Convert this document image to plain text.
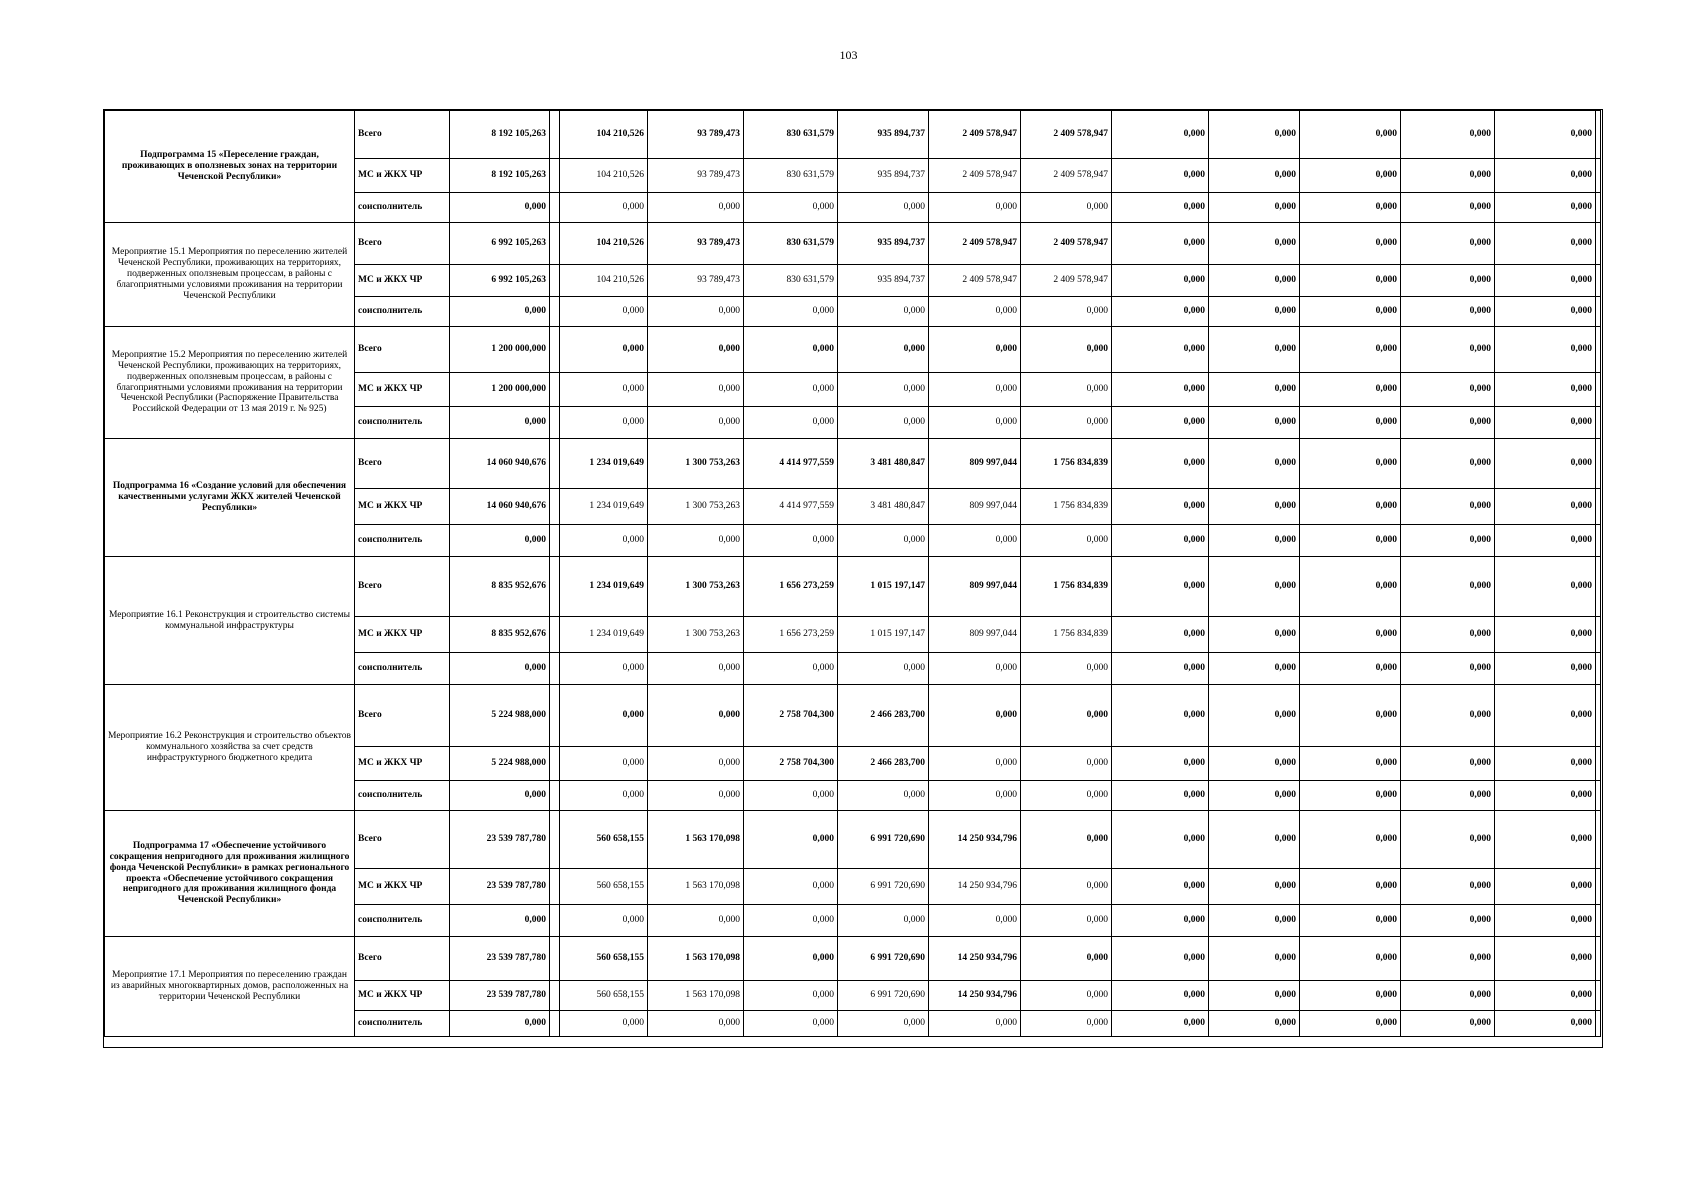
103
Подпрограмма 15 «Переселение граждан, проживающих в оползневых зонах на территории Чеченской Республики»	Всего	8 192 105,263		104 210,526	93 789,473	830 631,579	935 894,737	2 409 578,947	2 409 578,947	0,000	0,000	0,000	0,000	0,000	
	МС и ЖКХ ЧР	8 192 105,263		104 210,526	93 789,473	830 631,579	935 894,737	2 409 578,947	2 409 578,947	0,000	0,000	0,000	0,000	0,000	
	соисполнитель	0,000		0,000	0,000	0,000	0,000	0,000	0,000	0,000	0,000	0,000	0,000	0,000	
Мероприятие 15.1 Мероприятия по переселению жителей Чеченской Республики, проживающих на территориях, подверженных оползневым процессам, в районы с благоприятными условиями проживания на территории Чеченской Республики	Всего	6 992 105,263		104 210,526	93 789,473	830 631,579	935 894,737	2 409 578,947	2 409 578,947	0,000	0,000	0,000	0,000	0,000	
	МС и ЖКХ ЧР	6 992 105,263		104 210,526	93 789,473	830 631,579	935 894,737	2 409 578,947	2 409 578,947	0,000	0,000	0,000	0,000	0,000	
	соисполнитель	0,000		0,000	0,000	0,000	0,000	0,000	0,000	0,000	0,000	0,000	0,000	0,000	
Мероприятие 15.2 Мероприятия по переселению жителей Чеченской Республики, проживающих на территориях, подверженных оползневым процессам, в районы с благоприятными условиями проживания на территории Чеченской Республики (Распоряжение Правительства Российской Федерации от 13 мая 2019 г. № 925)	Всего	1 200 000,000		0,000	0,000	0,000	0,000	0,000	0,000	0,000	0,000	0,000	0,000	0,000	
	МС и ЖКХ ЧР	1 200 000,000		0,000	0,000	0,000	0,000	0,000	0,000	0,000	0,000	0,000	0,000	0,000	
	соисполнитель	0,000		0,000	0,000	0,000	0,000	0,000	0,000	0,000	0,000	0,000	0,000	0,000	
Подпрограмма 16 «Создание условий для обеспечения качественными услугами ЖКХ жителей Чеченской Республики»	Всего	14 060 940,676		1 234 019,649	1 300 753,263	4 414 977,559	3 481 480,847	809 997,044	1 756 834,839	0,000	0,000	0,000	0,000	0,000	
	МС и ЖКХ ЧР	14 060 940,676		1 234 019,649	1 300 753,263	4 414 977,559	3 481 480,847	809 997,044	1 756 834,839	0,000	0,000	0,000	0,000	0,000	
	соисполнитель	0,000		0,000	0,000	0,000	0,000	0,000	0,000	0,000	0,000	0,000	0,000	0,000	
Мероприятие 16.1 Реконструкция и строительство системы коммунальной инфраструктуры	Всего	8 835 952,676		1 234 019,649	1 300 753,263	1 656 273,259	1 015 197,147	809 997,044	1 756 834,839	0,000	0,000	0,000	0,000	0,000	
	МС и ЖКХ ЧР	8 835 952,676		1 234 019,649	1 300 753,263	1 656 273,259	1 015 197,147	809 997,044	1 756 834,839	0,000	0,000	0,000	0,000	0,000	
	соисполнитель	0,000		0,000	0,000	0,000	0,000	0,000	0,000	0,000	0,000	0,000	0,000	0,000	
Мероприятие 16.2 Реконструкция и строительство объектов коммунального хозяйства за счет средств инфраструктурного бюджетного кредита	Всего	5 224 988,000		0,000	0,000	2 758 704,300	2 466 283,700	0,000	0,000	0,000	0,000	0,000	0,000	0,000	
	МС и ЖКХ ЧР	5 224 988,000		0,000	0,000	2 758 704,300	2 466 283,700	0,000	0,000	0,000	0,000	0,000	0,000	0,000	
	соисполнитель	0,000		0,000	0,000	0,000	0,000	0,000	0,000	0,000	0,000	0,000	0,000	0,000	
Подпрограмма 17 «Обеспечение устойчивого сокращения непригодного для проживания жилищного фонда Чеченской Республики» в рамках регионального проекта «Обеспечение устойчивого сокращения непригодного для проживания жилищного фонда Чеченской Республики»	Всего	23 539 787,780		560 658,155	1 563 170,098	0,000	6 991 720,690	14 250 934,796	0,000	0,000	0,000	0,000	0,000	0,000	
	МС и ЖКХ ЧР	23 539 787,780		560 658,155	1 563 170,098	0,000	6 991 720,690	14 250 934,796	0,000	0,000	0,000	0,000	0,000	0,000	
	соисполнитель	0,000		0,000	0,000	0,000	0,000	0,000	0,000	0,000	0,000	0,000	0,000	0,000	
Мероприятие 17.1 Мероприятия по переселению граждан из аварийных многоквартирных домов, расположенных на территории Чеченской Республики	Всего	23 539 787,780		560 658,155	1 563 170,098	0,000	6 991 720,690	14 250 934,796	0,000	0,000	0,000	0,000	0,000	0,000	
	МС и ЖКХ ЧР	23 539 787,780		560 658,155	1 563 170,098	0,000	6 991 720,690	14 250 934,796	0,000	0,000	0,000	0,000	0,000	0,000	
	соисполнитель	0,000		0,000	0,000	0,000	0,000	0,000	0,000	0,000	0,000	0,000	0,000	0,000	
